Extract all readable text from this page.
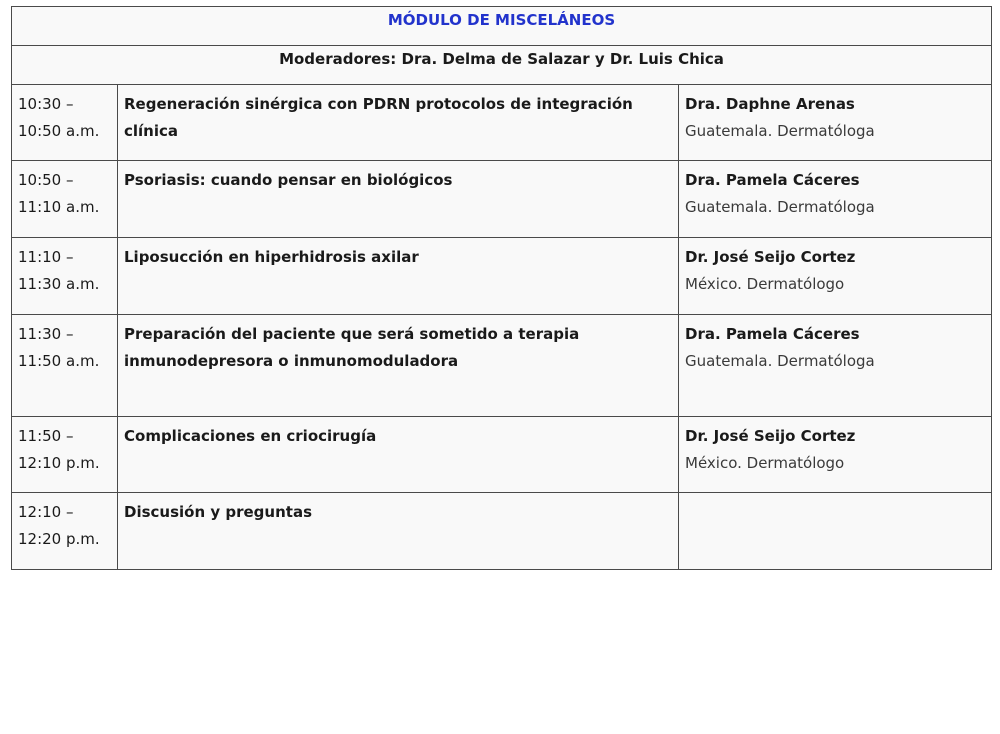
MÓDULO DE MISCELÁNEOS		
Moderadores: Dra. Delma de Salazar y Dr. Luis Chica		

10:30 –
10:50 a.m.	Regeneración sinérgica con PDRN protocolos de integración clínica	Dra. Daphne Arenas
Guatemala. Dermatóloga

10:50 –
11:10 a.m.	Psoriasis: cuando pensar en biológicos	Dra. Pamela Cáceres
Guatemala. Dermatóloga

11:10 –
11:30 a.m.	Liposucción en hiperhidrosis axilar	Dr. José Seijo Cortez
México. Dermatólogo

11:30 –
11:50 a.m.	Preparación del paciente que será sometido a terapia inmunodepresora o inmunomoduladora	Dra. Pamela Cáceres
Guatemala. Dermatóloga

11:50 –
12:10 p.m.	Complicaciones en criocirugía	Dr. José Seijo Cortez
México. Dermatólogo

12:10 –
12:20 p.m.	Discusión y preguntas	
